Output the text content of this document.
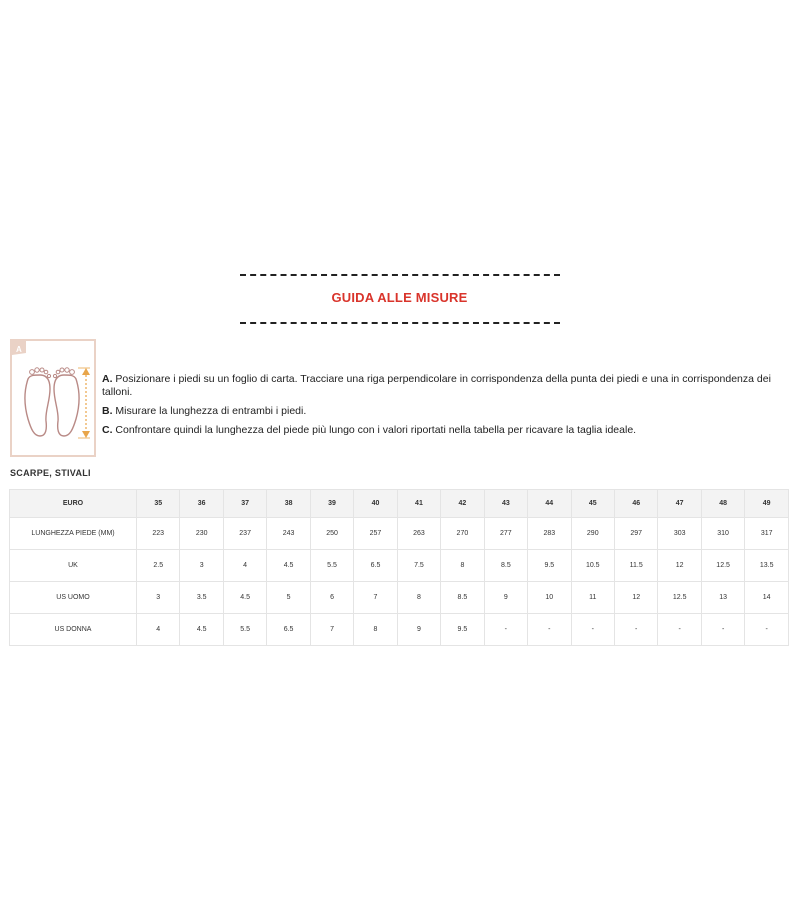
GUIDA ALLE MISURE
A

A. Posizionare i piedi su un foglio di carta. Tracciare una riga perpendicolare in corrispondenza della punta dei piedi e una in corrispondenza dei talloni.

B. Misurare la lunghezza di entrambi i piedi.

C. Confrontare quindi la lunghezza del piede più lungo con i valori riportati nella tabella per ricavare la taglia ideale.

SCARPE, STIVALI
EURO	35	36	37	38	39	40	41	42	43	44	45	46	47	48	49
LUNGHEZZA PIEDE (MM)	223	230	237	243	250	257	263	270	277	283	290	297	303	310	317
UK	2.5	3	4	4.5	5.5	6.5	7.5	8	8.5	9.5	10.5	11.5	12	12.5	13.5
US UOMO	3	3.5	4.5	5	6	7	8	8.5	9	10	11	12	12.5	13	14
US DONNA	4	4.5	5.5	6.5	7	8	9	9.5	-	-	-	-	-	-	-
